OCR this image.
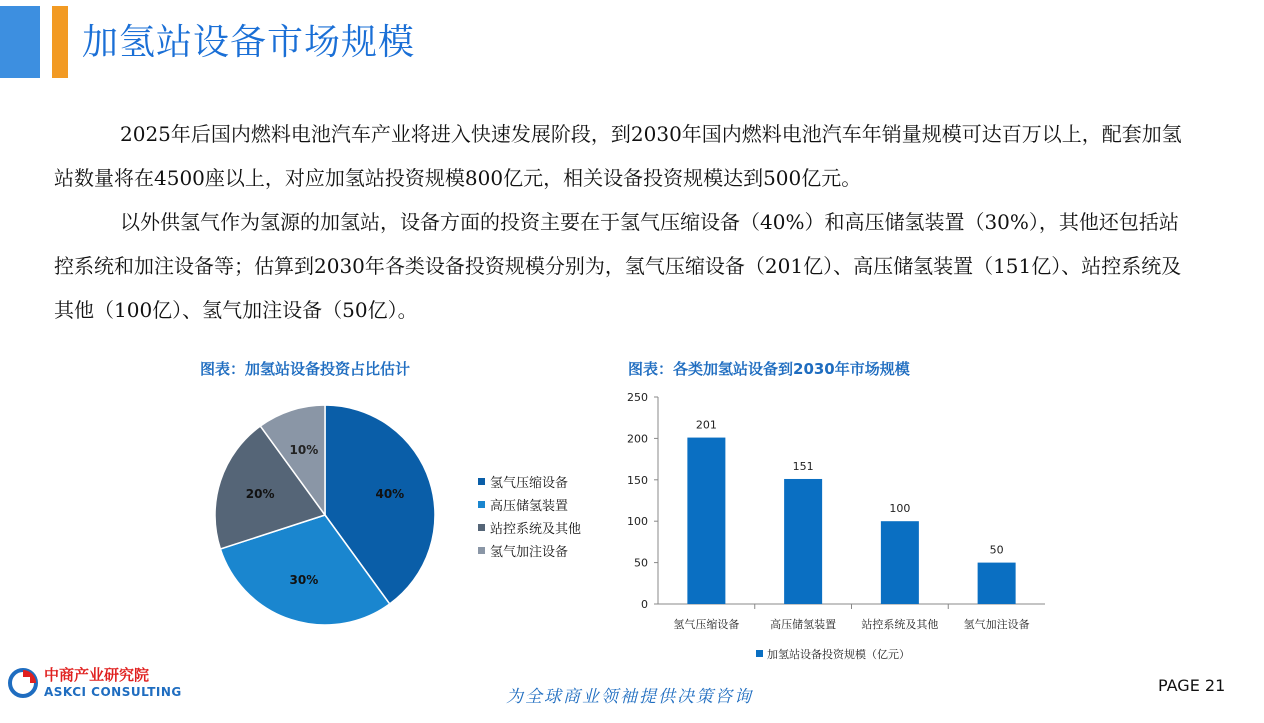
加氢站设备市场规模

2025年后国内燃料电池汽车产业将进入快速发展阶段，到2030年国内燃料电池汽车年销量规模可达百万以上，配套加氢站数量将在4500座以上，对应加氢站投资规模800亿元，相关设备投资规模达到500亿元。

以外供氢气作为氢源的加氢站，设备方面的投资主要在于氢气压缩设备（40%）和高压储氢装置（30%），其他还包括站控系统和加注设备等；估算到2030年各类设备投资规模分别为，氢气压缩设备（201亿）、高压储氢装置（151亿）、站控系统及其他（100亿）、氢气加注设备（50亿）。

图表：加氢站设备投资占比估计
40%
30%
20%
10%
氢气压缩设备
高压储氢装置
站控系统及其他
氢气加注设备
图表：各类加氢站设备到2030年市场规模
0
50
100
150
200
250
201
氢气压缩设备
151
高压储氢装置
100
站控系统及其他
50
氢气加注设备
加氢站设备投资规模（亿元）
中商产业研究院
ASKCI CONSULTING	为全球商业领袖提供决策咨询
PAGE 21
